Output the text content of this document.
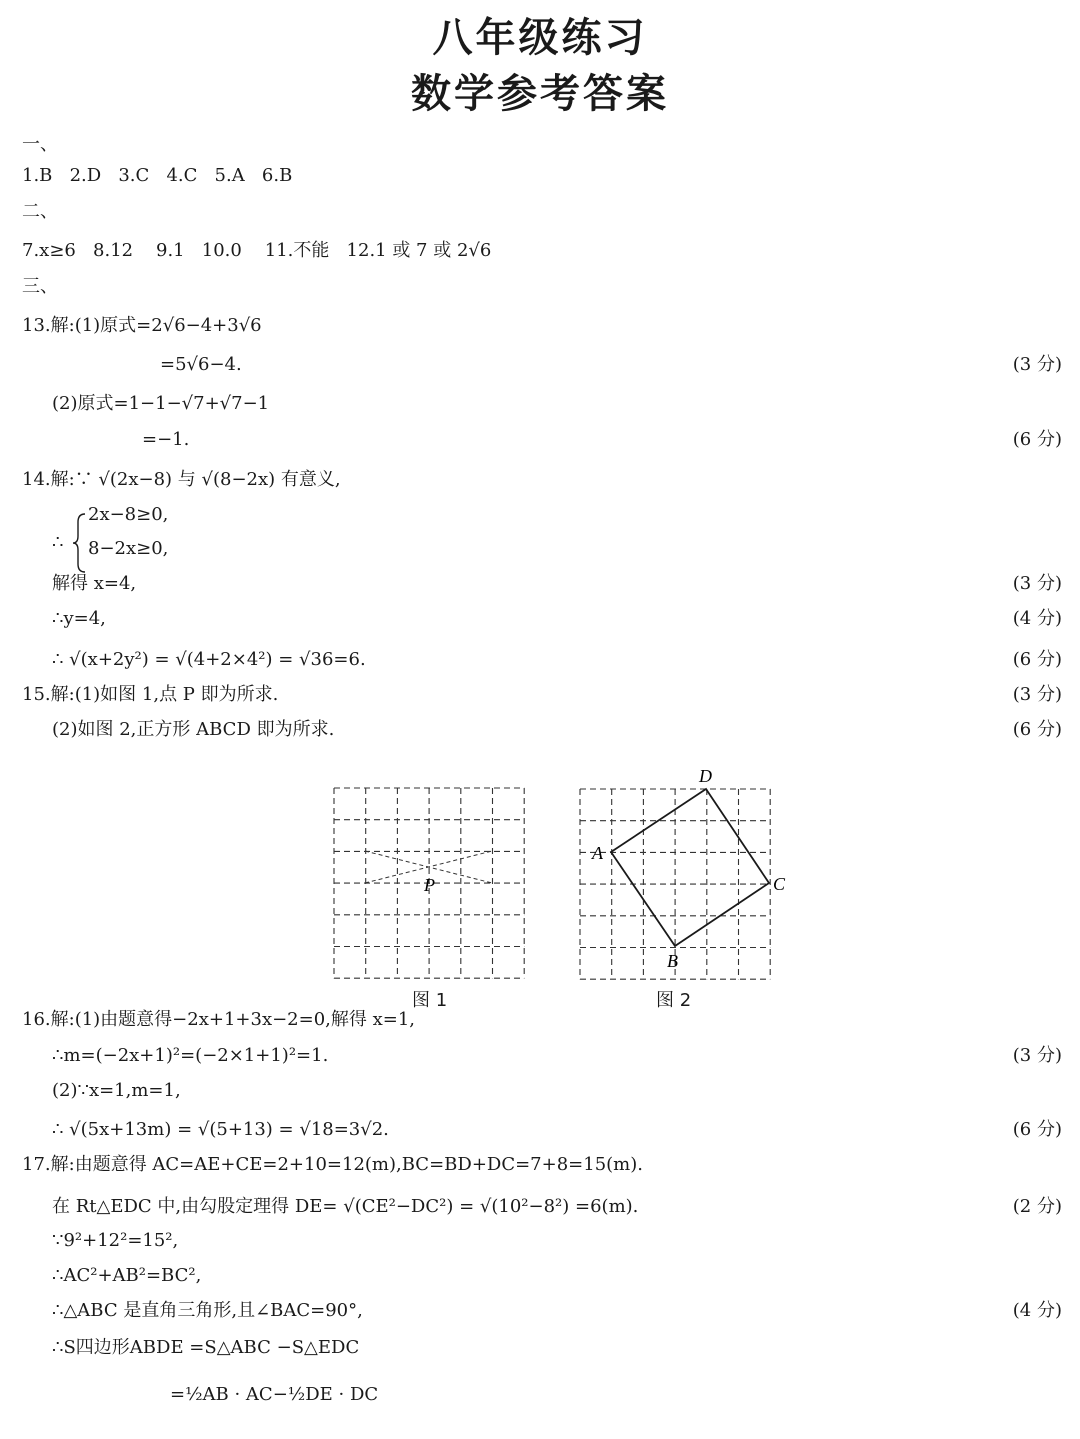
八年级练习
数学参考答案
一、
1.B   2.D   3.C   4.C   5.A   6.B
二、
7.x≥6   8.12    9.1   10.0    11.不能   12.1 或 7 或 2√6
三、
13.解:(1)原式=2√6−4+3√6
=5√6−4.	(3 分)
(2)原式=1−1−√7+√7−1
=−1.	(6 分)
14.解:∵ √(2x−8) 与 √(8−2x) 有意义,
2x−8≥0,
8−2x≥0,
解得 x=4,	(3 分)
∴y=4,	(4 分)
∴ √(x+2y²) = √(4+2×4²) = √36=6.	(6 分)
15.解:(1)如图 1,点 P 即为所求.	(3 分)
(2)如图 2,正方形 ABCD 即为所求.	(6 分)
16.解:(1)由题意得−2x+1+3x−2=0,解得 x=1,
∴m=(−2x+1)²=(−2×1+1)²=1.	(3 分)
(2)∵x=1,m=1,
∴ √(5x+13m) = √(5+13) = √18=3√2.	(6 分)
17.解:由题意得 AC=AE+CE=2+10=12(m),BC=BD+DC=7+8=15(m).
在 Rt△EDC 中,由勾股定理得 DE= √(CE²−DC²) = √(10²−8²) =6(m).	(2 分)
∵9²+12²=15²,
∴AC²+AB²=BC²,
∴△ABC 是直角三角形,且∠BAC=90°,	(4 分)
∴S四边形ABDE =S△ABC −S△EDC
=½AB · AC−½DE · DC
∴
P
图 1
A
D
C
B
图 2
